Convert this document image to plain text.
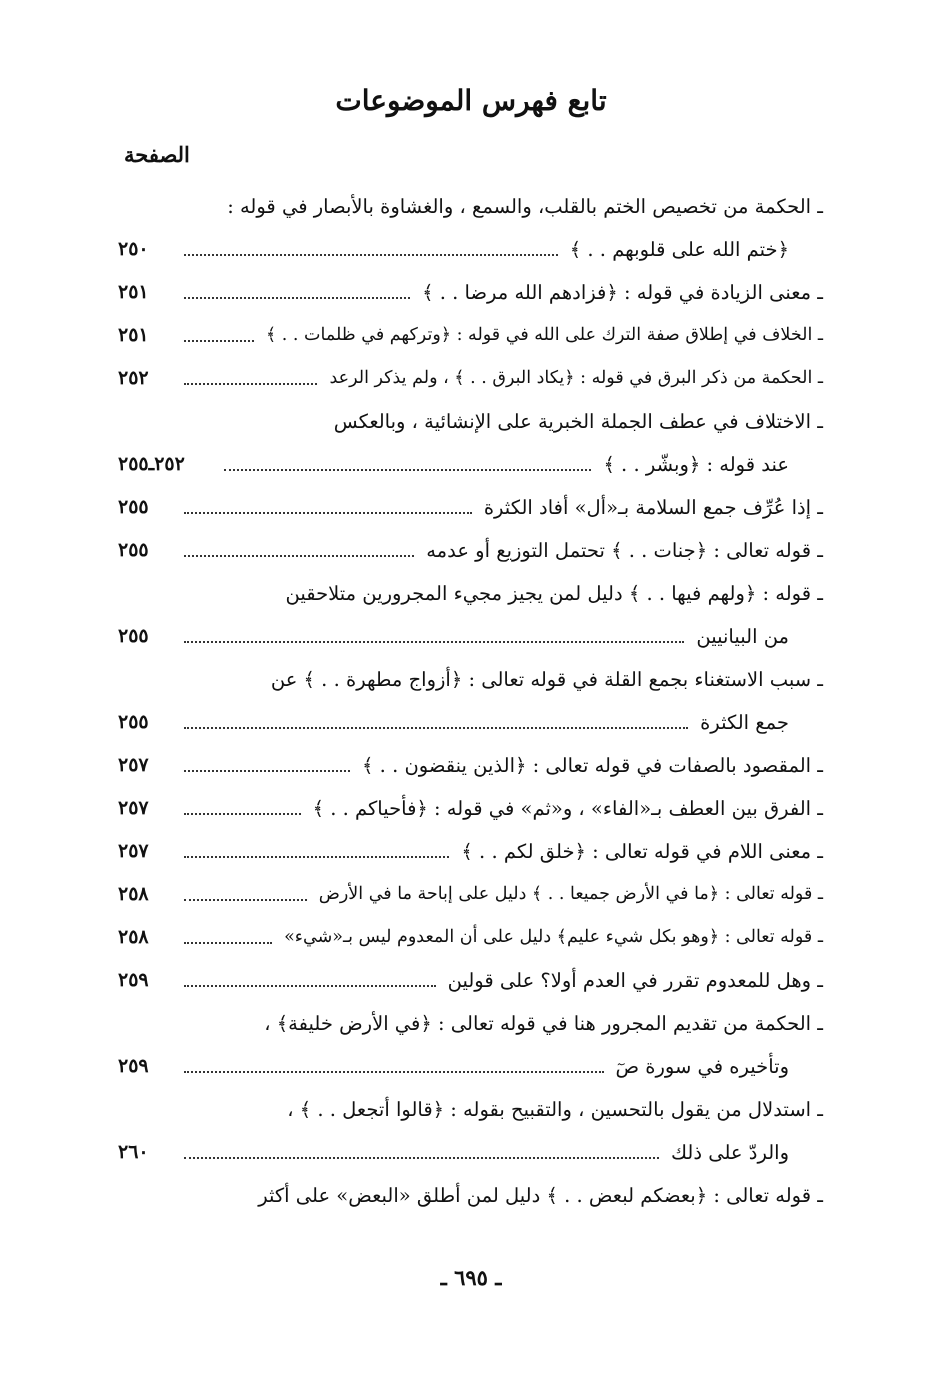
تابع فهرس الموضوعات
الصفحة
ـ الحكمة من تخصيص الختم بالقلب، والسمع ، والغشاوة بالأبصار في قوله :
﴿ختم الله على قلوبهم . . ﴾
٢٥٠
ـ معنى الزيادة في قوله : ﴿فزادهم الله مرضا . . ﴾
٢٥١
ـ الخلاف في إطلاق صفة الترك على الله في قوله : ﴿وتركهم في ظلمات . . ﴾
٢٥١
ـ الحكمة من ذكر البرق في قوله : ﴿يكاد البرق . . ﴾ ، ولم يذكر الرعد
٢٥٢
ـ الاختلاف في عطف الجملة الخبرية على الإنشائية ، وبالعكس
عند قوله : ﴿وبشّر . . ﴾
٢٥٢ـ٢٥٥
ـ إذا عُرِّف جمع السلامة بـ«أل» أفاد الكثرة
٢٥٥
ـ قوله تعالى : ﴿جنات . . ﴾ تحتمل التوزيع أو عدمه
٢٥٥
ـ قوله : ﴿ولهم فيها . . ﴾ دليل لمن يجيز مجيء المجرورين متلاحقين
من البيانيين
٢٥٥
ـ سبب الاستغناء بجمع القلة في قوله تعالى : ﴿أزواج مطهرة . . ﴾ عن
جمع الكثرة
٢٥٥
ـ المقصود بالصفات في قوله تعالى : ﴿الذين ينقضون . . ﴾
٢٥٧
ـ الفرق بين العطف بـ«الفاء» ، و«ثم» في قوله : ﴿فأحياكم . . ﴾
٢٥٧
ـ معنى اللام في قوله تعالى : ﴿خلق لكم . . ﴾
٢٥٧
ـ قوله تعالى : ﴿ما في الأرض جميعا . . ﴾ دليل على إباحة ما في الأرض
٢٥٨
ـ قوله تعالى : ﴿وهو بكل شيء عليم﴾ دليل على أن المعدوم ليس بـ«شيء»
٢٥٨
ـ وهل للمعدوم تقرر في العدم أولا؟ على قولين
٢٥٩
ـ الحكمة من تقديم المجرور هنا في قوله تعالى : ﴿في الأرض خليفة﴾ ،
وتأخيره في سورة صٓ
٢٥٩
ـ استدلال من يقول بالتحسين ، والتقبيح بقوله : ﴿قالوا أتجعل . . ﴾ ،
والردّ على ذلك
٢٦٠
ـ قوله تعالى : ﴿بعضكم لبعض . . ﴾ دليل لمن أطلق «البعض» على أكثر
ـ ٦٩٥ ـ
